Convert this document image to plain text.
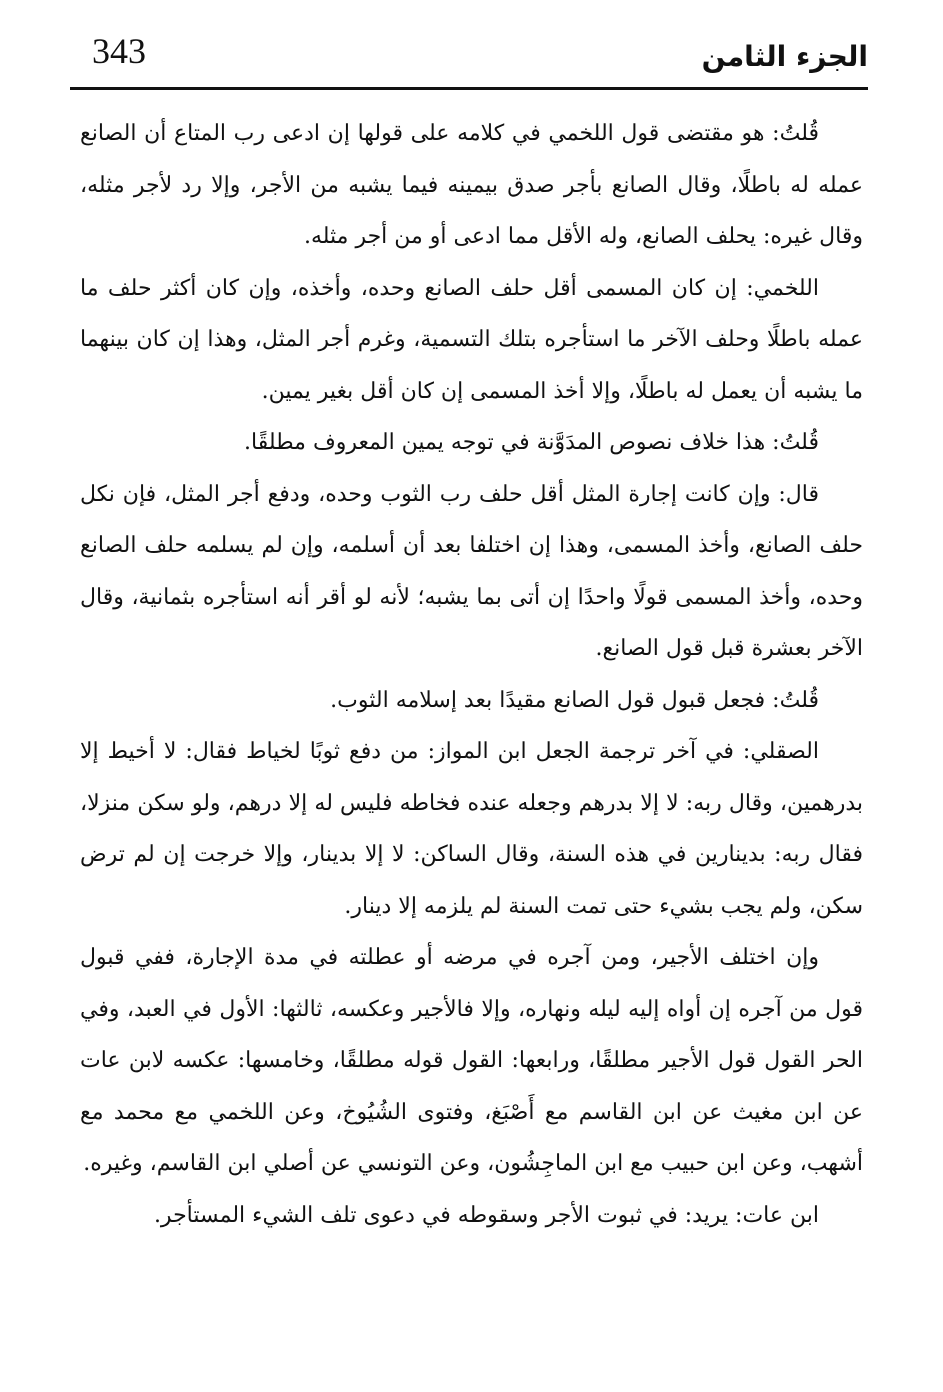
343	الجزء الثامن

قُلتُ: هو مقتضى قول اللخمي في كلامه على قولها إن ادعى رب المتاع أن الصانع عمله له باطلًا، وقال الصانع بأجر صدق بيمينه فيما يشبه من الأجر، وإلا رد لأجر مثله، وقال غيره: يحلف الصانع، وله الأقل مما ادعى أو من أجر مثله.

اللخمي: إن كان المسمى أقل حلف الصانع وحده، وأخذه، وإن كان أكثر حلف ما عمله باطلًا وحلف الآخر ما استأجره بتلك التسمية، وغرم أجر المثل، وهذا إن كان بينهما ما يشبه أن يعمل له باطلًا، وإلا أخذ المسمى إن كان أقل بغير يمين.

قُلتُ: هذا خلاف نصوص المدَوَّنة في توجه يمين المعروف مطلقًا.

قال: وإن كانت إجارة المثل أقل حلف رب الثوب وحده، ودفع أجر المثل، فإن نكل حلف الصانع، وأخذ المسمى، وهذا إن اختلفا بعد أن أسلمه، وإن لم يسلمه حلف الصانع وحده، وأخذ المسمى قولًا واحدًا إن أتى بما يشبه؛ لأنه لو أقر أنه استأجره بثمانية، وقال الآخر بعشرة قبل قول الصانع.

قُلتُ: فجعل قبول قول الصانع مقيدًا بعد إسلامه الثوب.

الصقلي: في آخر ترجمة الجعل ابن المواز: من دفع ثوبًا لخياط فقال: لا أخيط إلا بدرهمين، وقال ربه: لا إلا بدرهم وجعله عنده فخاطه فليس له إلا درهم، ولو سكن منزلا، فقال ربه: بدينارين في هذه السنة، وقال الساكن: لا إلا بدينار، وإلا خرجت إن لم ترض سكن، ولم يجب بشيء حتى تمت السنة لم يلزمه إلا دينار.

وإن اختلف الأجير، ومن آجره في مرضه أو عطلته في مدة الإجارة، ففي قبول قول من آجره إن أواه إليه ليله ونهاره، وإلا فالأجير وعكسه، ثالثها: الأول في العبد، وفي الحر القول قول الأجير مطلقًا، ورابعها: القول قوله مطلقًا، وخامسها: عكسه لابن عات عن ابن مغيث عن ابن القاسم مع أَصْبَغ، وفتوى الشُيُوخ، وعن اللخمي مع محمد مع أشهب، وعن ابن حبيب مع ابن الماجِشُون، وعن التونسي عن أصلي ابن القاسم، وغيره.

ابن عات: يريد: في ثبوت الأجر وسقوطه في دعوى تلف الشيء المستأجر.
